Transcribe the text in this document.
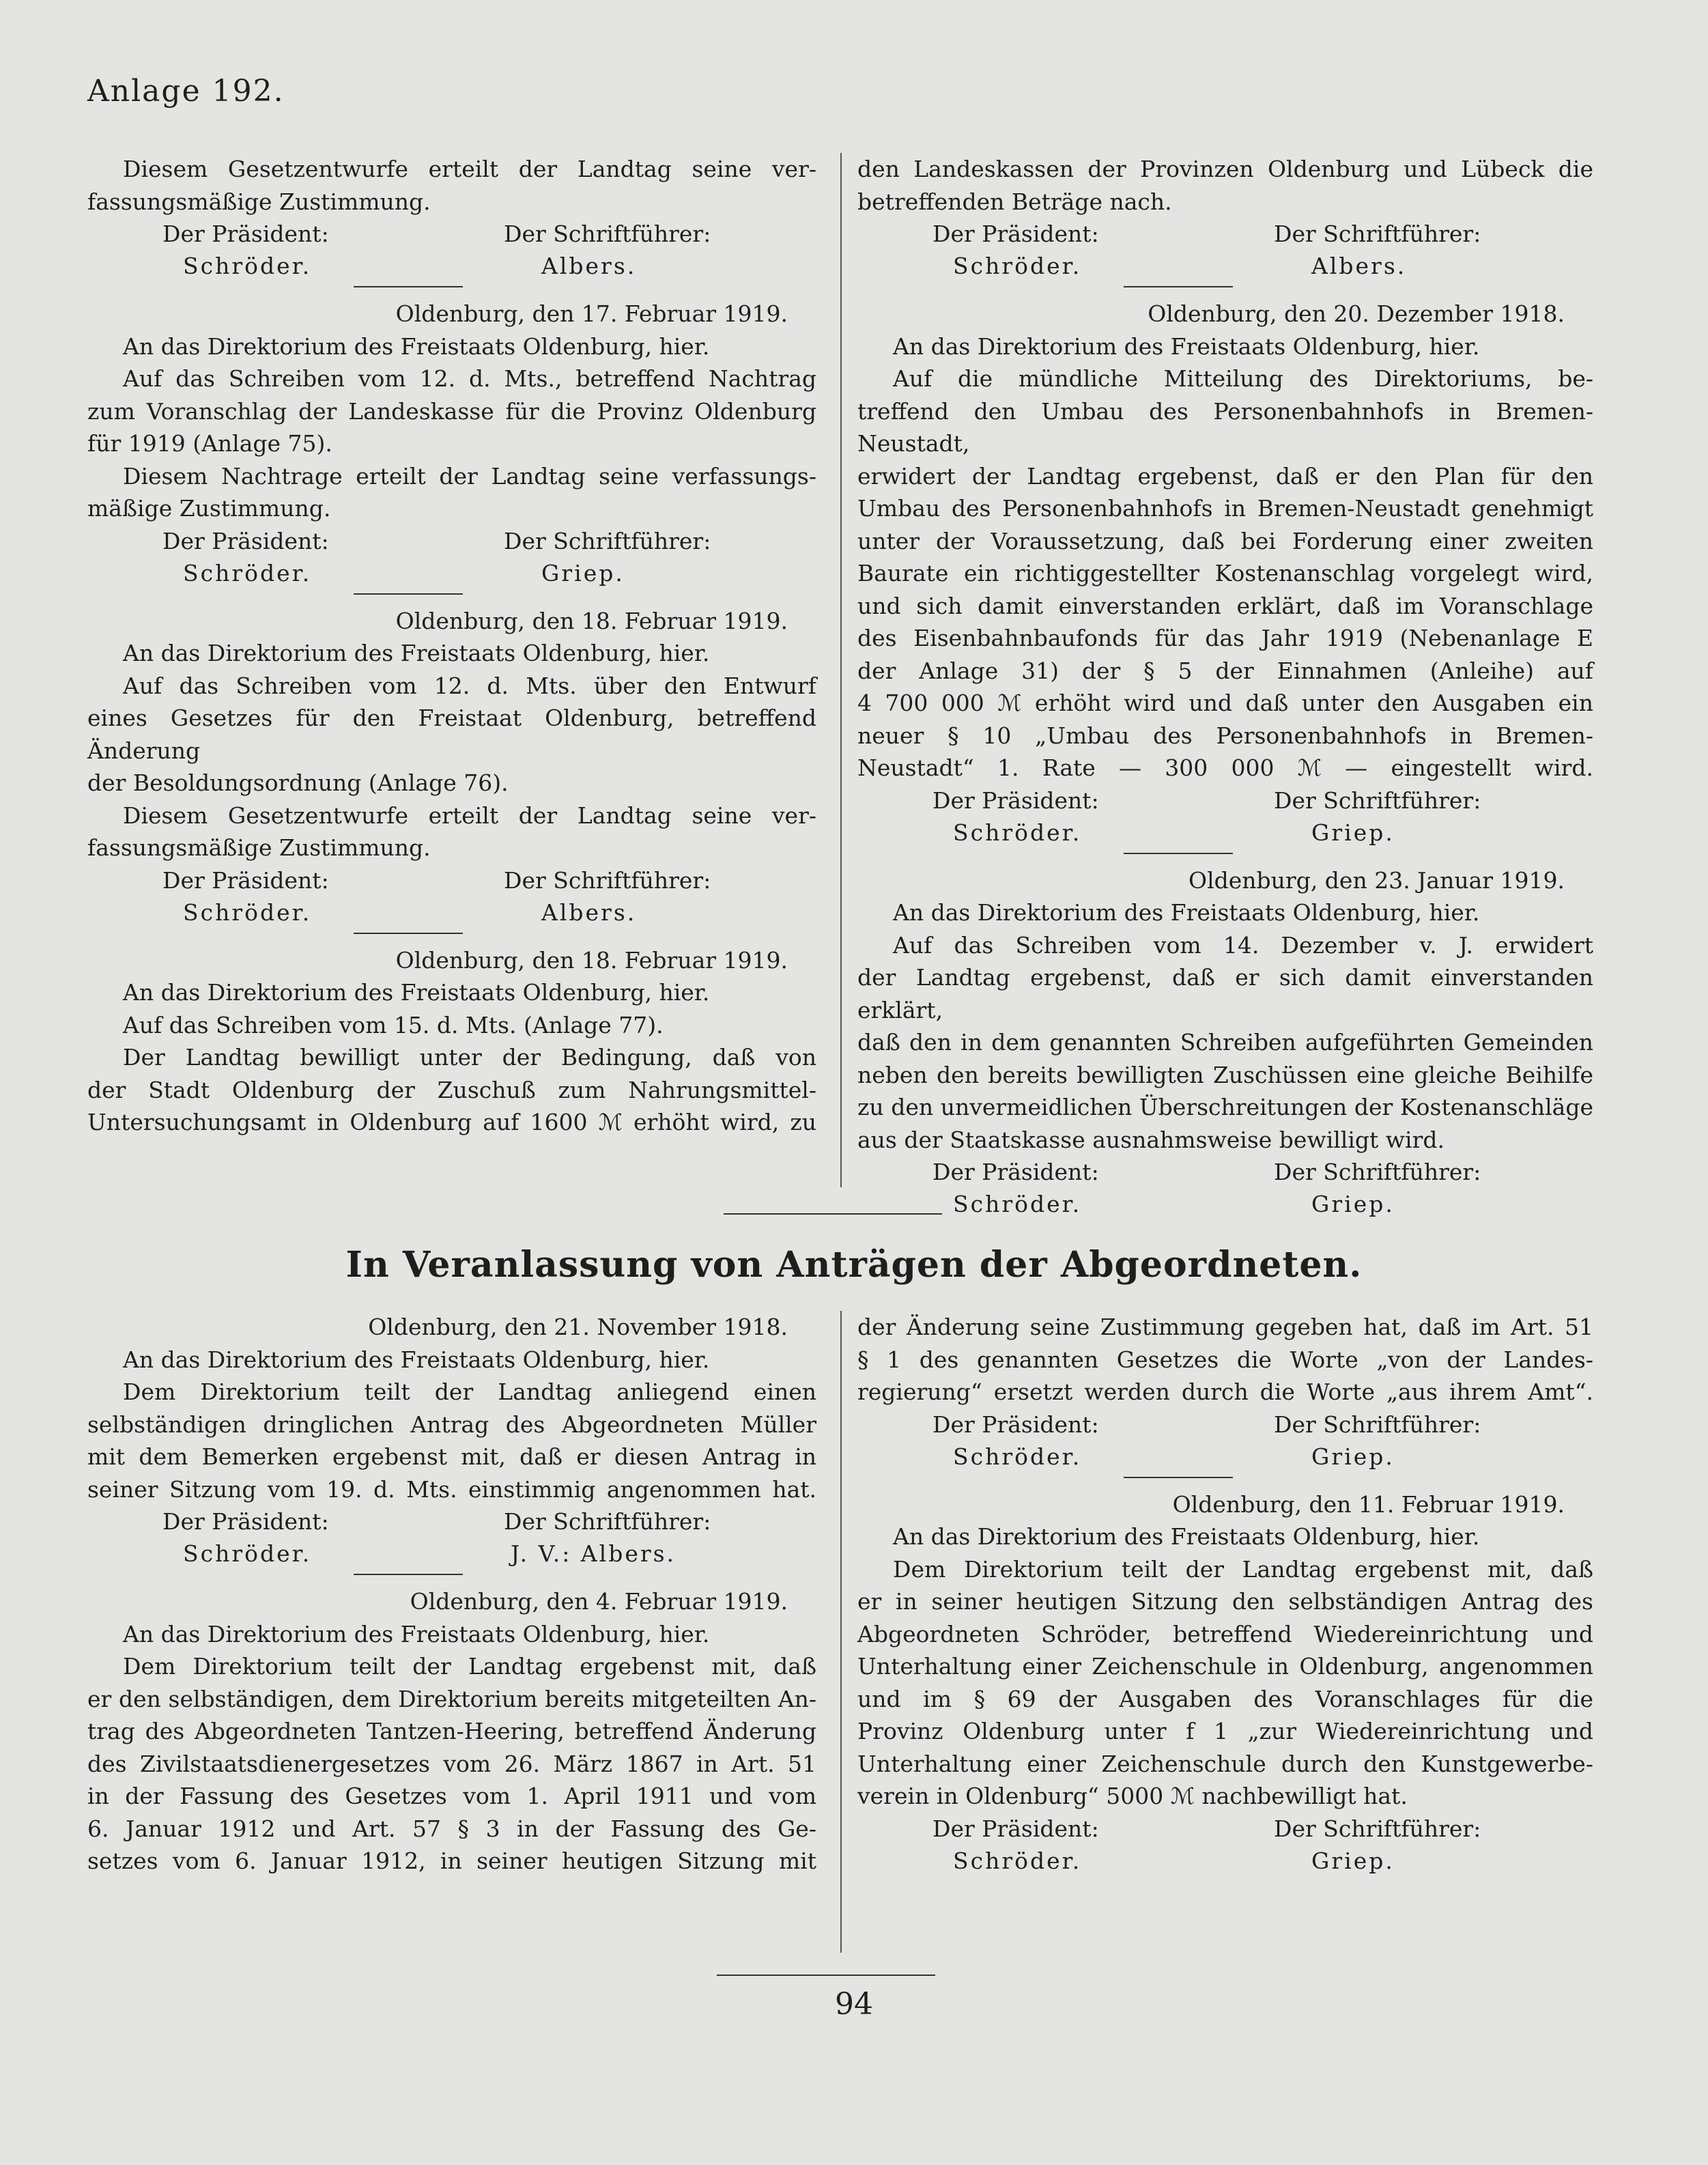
Anlage 192.

Diesem Gesetzentwurfe erteilt der Landtag seine ver-

fassungsmäßige Zustimmung.

Der Präsident:	Der Schriftführer:
Schröder.	Albers.

Oldenburg, den 17. Februar 1919.

An das Direktorium des Freistaats Oldenburg, hier.

Auf das Schreiben vom 12. d. Mts., betreffend Nachtrag

zum Voranschlag der Landeskasse für die Provinz Oldenburg

für 1919 (Anlage 75).

Diesem Nachtrage erteilt der Landtag seine verfassungs-

mäßige Zustimmung.

Der Präsident:	Der Schriftführer:
Schröder.	Griep.

Oldenburg, den 18. Februar 1919.

An das Direktorium des Freistaats Oldenburg, hier.

Auf das Schreiben vom 12. d. Mts. über den Entwurf

eines Gesetzes für den Freistaat Oldenburg, betreffend Änderung

der Besoldungsordnung (Anlage 76).

Diesem Gesetzentwurfe erteilt der Landtag seine ver-

fassungsmäßige Zustimmung.

Der Präsident:	Der Schriftführer:
Schröder.	Albers.

Oldenburg, den 18. Februar 1919.

An das Direktorium des Freistaats Oldenburg, hier.

Auf das Schreiben vom 15. d. Mts. (Anlage 77).

Der Landtag bewilligt unter der Bedingung, daß von

der Stadt Oldenburg der Zuschuß zum Nahrungsmittel-

Untersuchungsamt in Oldenburg auf 1600 ℳ erhöht wird, zu

den Landeskassen der Provinzen Oldenburg und Lübeck die

betreffenden Beträge nach.

Der Präsident:	Der Schriftführer:
Schröder.	Albers.

Oldenburg, den 20. Dezember 1918.

An das Direktorium des Freistaats Oldenburg, hier.

Auf die mündliche Mitteilung des Direktoriums, be-

treffend den Umbau des Personenbahnhofs in Bremen-Neustadt,

erwidert der Landtag ergebenst, daß er den Plan für den

Umbau des Personenbahnhofs in Bremen-Neustadt genehmigt

unter der Voraussetzung, daß bei Forderung einer zweiten

Baurate ein richtiggestellter Kostenanschlag vorgelegt wird,

und sich damit einverstanden erklärt, daß im Voranschlage

des Eisenbahnbaufonds für das Jahr 1919 (Nebenanlage E

der Anlage 31) der § 5 der Einnahmen (Anleihe) auf

4 700 000 ℳ erhöht wird und daß unter den Ausgaben ein

neuer § 10 „Umbau des Personenbahnhofs in Bremen-

Neustadt“ 1. Rate — 300 000 ℳ — eingestellt wird.

Der Präsident:	Der Schriftführer:
Schröder.	Griep.

Oldenburg, den 23. Januar 1919.

An das Direktorium des Freistaats Oldenburg, hier.

Auf das Schreiben vom 14. Dezember v. J. erwidert

der Landtag ergebenst, daß er sich damit einverstanden erklärt,

daß den in dem genannten Schreiben aufgeführten Gemeinden

neben den bereits bewilligten Zuschüssen eine gleiche Beihilfe

zu den unvermeidlichen Überschreitungen der Kostenanschläge

aus der Staatskasse ausnahmsweise bewilligt wird.

Der Präsident:	Der Schriftführer:
Schröder.	Griep.
In Veranlassung von Anträgen der Abgeordneten.

Oldenburg, den 21. November 1918.

An das Direktorium des Freistaats Oldenburg, hier.

Dem Direktorium teilt der Landtag anliegend einen

selbständigen dringlichen Antrag des Abgeordneten Müller

mit dem Bemerken ergebenst mit, daß er diesen Antrag in

seiner Sitzung vom 19. d. Mts. einstimmig angenommen hat.

Der Präsident:	Der Schriftführer:
Schröder.	J. V.: Albers.

Oldenburg, den 4. Februar 1919.

An das Direktorium des Freistaats Oldenburg, hier.

Dem Direktorium teilt der Landtag ergebenst mit, daß

er den selbständigen, dem Direktorium bereits mitgeteilten An-

trag des Abgeordneten Tantzen-Heering, betreffend Änderung

des Zivilstaatsdienergesetzes vom 26. März 1867 in Art. 51

in der Fassung des Gesetzes vom 1. April 1911 und vom

6. Januar 1912 und Art. 57 § 3 in der Fassung des Ge-

setzes vom 6. Januar 1912, in seiner heutigen Sitzung mit

der Änderung seine Zustimmung gegeben hat, daß im Art. 51

§ 1 des genannten Gesetzes die Worte „von der Landes-

regierung“ ersetzt werden durch die Worte „aus ihrem Amt“.

Der Präsident:	Der Schriftführer:
Schröder.	Griep.

Oldenburg, den 11. Februar 1919.

An das Direktorium des Freistaats Oldenburg, hier.

Dem Direktorium teilt der Landtag ergebenst mit, daß

er in seiner heutigen Sitzung den selbständigen Antrag des

Abgeordneten Schröder, betreffend Wiedereinrichtung und

Unterhaltung einer Zeichenschule in Oldenburg, angenommen

und im § 69 der Ausgaben des Voranschlages für die

Provinz Oldenburg unter f 1 „zur Wiedereinrichtung und

Unterhaltung einer Zeichenschule durch den Kunstgewerbe-

verein in Oldenburg“ 5000 ℳ nachbewilligt hat.

Der Präsident:	Der Schriftführer:
Schröder.	Griep.
94
